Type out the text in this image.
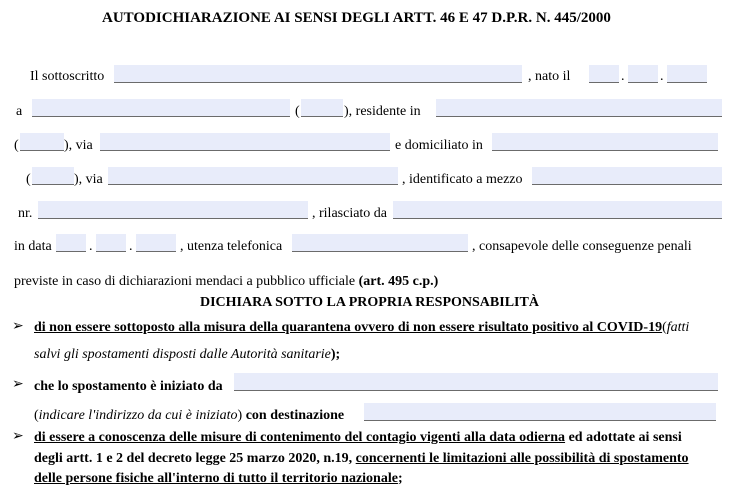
AUTODICHIARAZIONE AI SENSI DEGLI ARTT. 46 E 47 D.P.R. N. 445/2000
Il sottoscritto	, nato il	.	.
a	(	), residente in
(	), via	e domiciliato in
(	), via	, identificato a mezzo
nr.	, rilasciato da
in data	.	.	, utenza telefonica	, consapevole delle conseguenze penali
previste in caso di dichiarazioni mendaci a pubblico ufficiale (art. 495 c.p.)
DICHIARA SOTTO LA PROPRIA RESPONSABILITÀ
➢ di non essere sottoposto alla misura della quarantena ovvero di non essere risultato positivo al COVID-19(fatti
salvi gli spostamenti disposti dalle Autorità sanitarie);
➢ che lo spostamento è iniziato da
(indicare l'indirizzo da cui è iniziato) con destinazione
➢ di essere a conoscenza delle misure di contenimento del contagio vigenti alla data odierna ed adottate ai sensi
degli artt. 1 e 2 del decreto legge 25 marzo 2020, n.19, concernenti le limitazioni alle possibilità di spostamento
delle persone fisiche all'interno di tutto il territorio nazionale;
